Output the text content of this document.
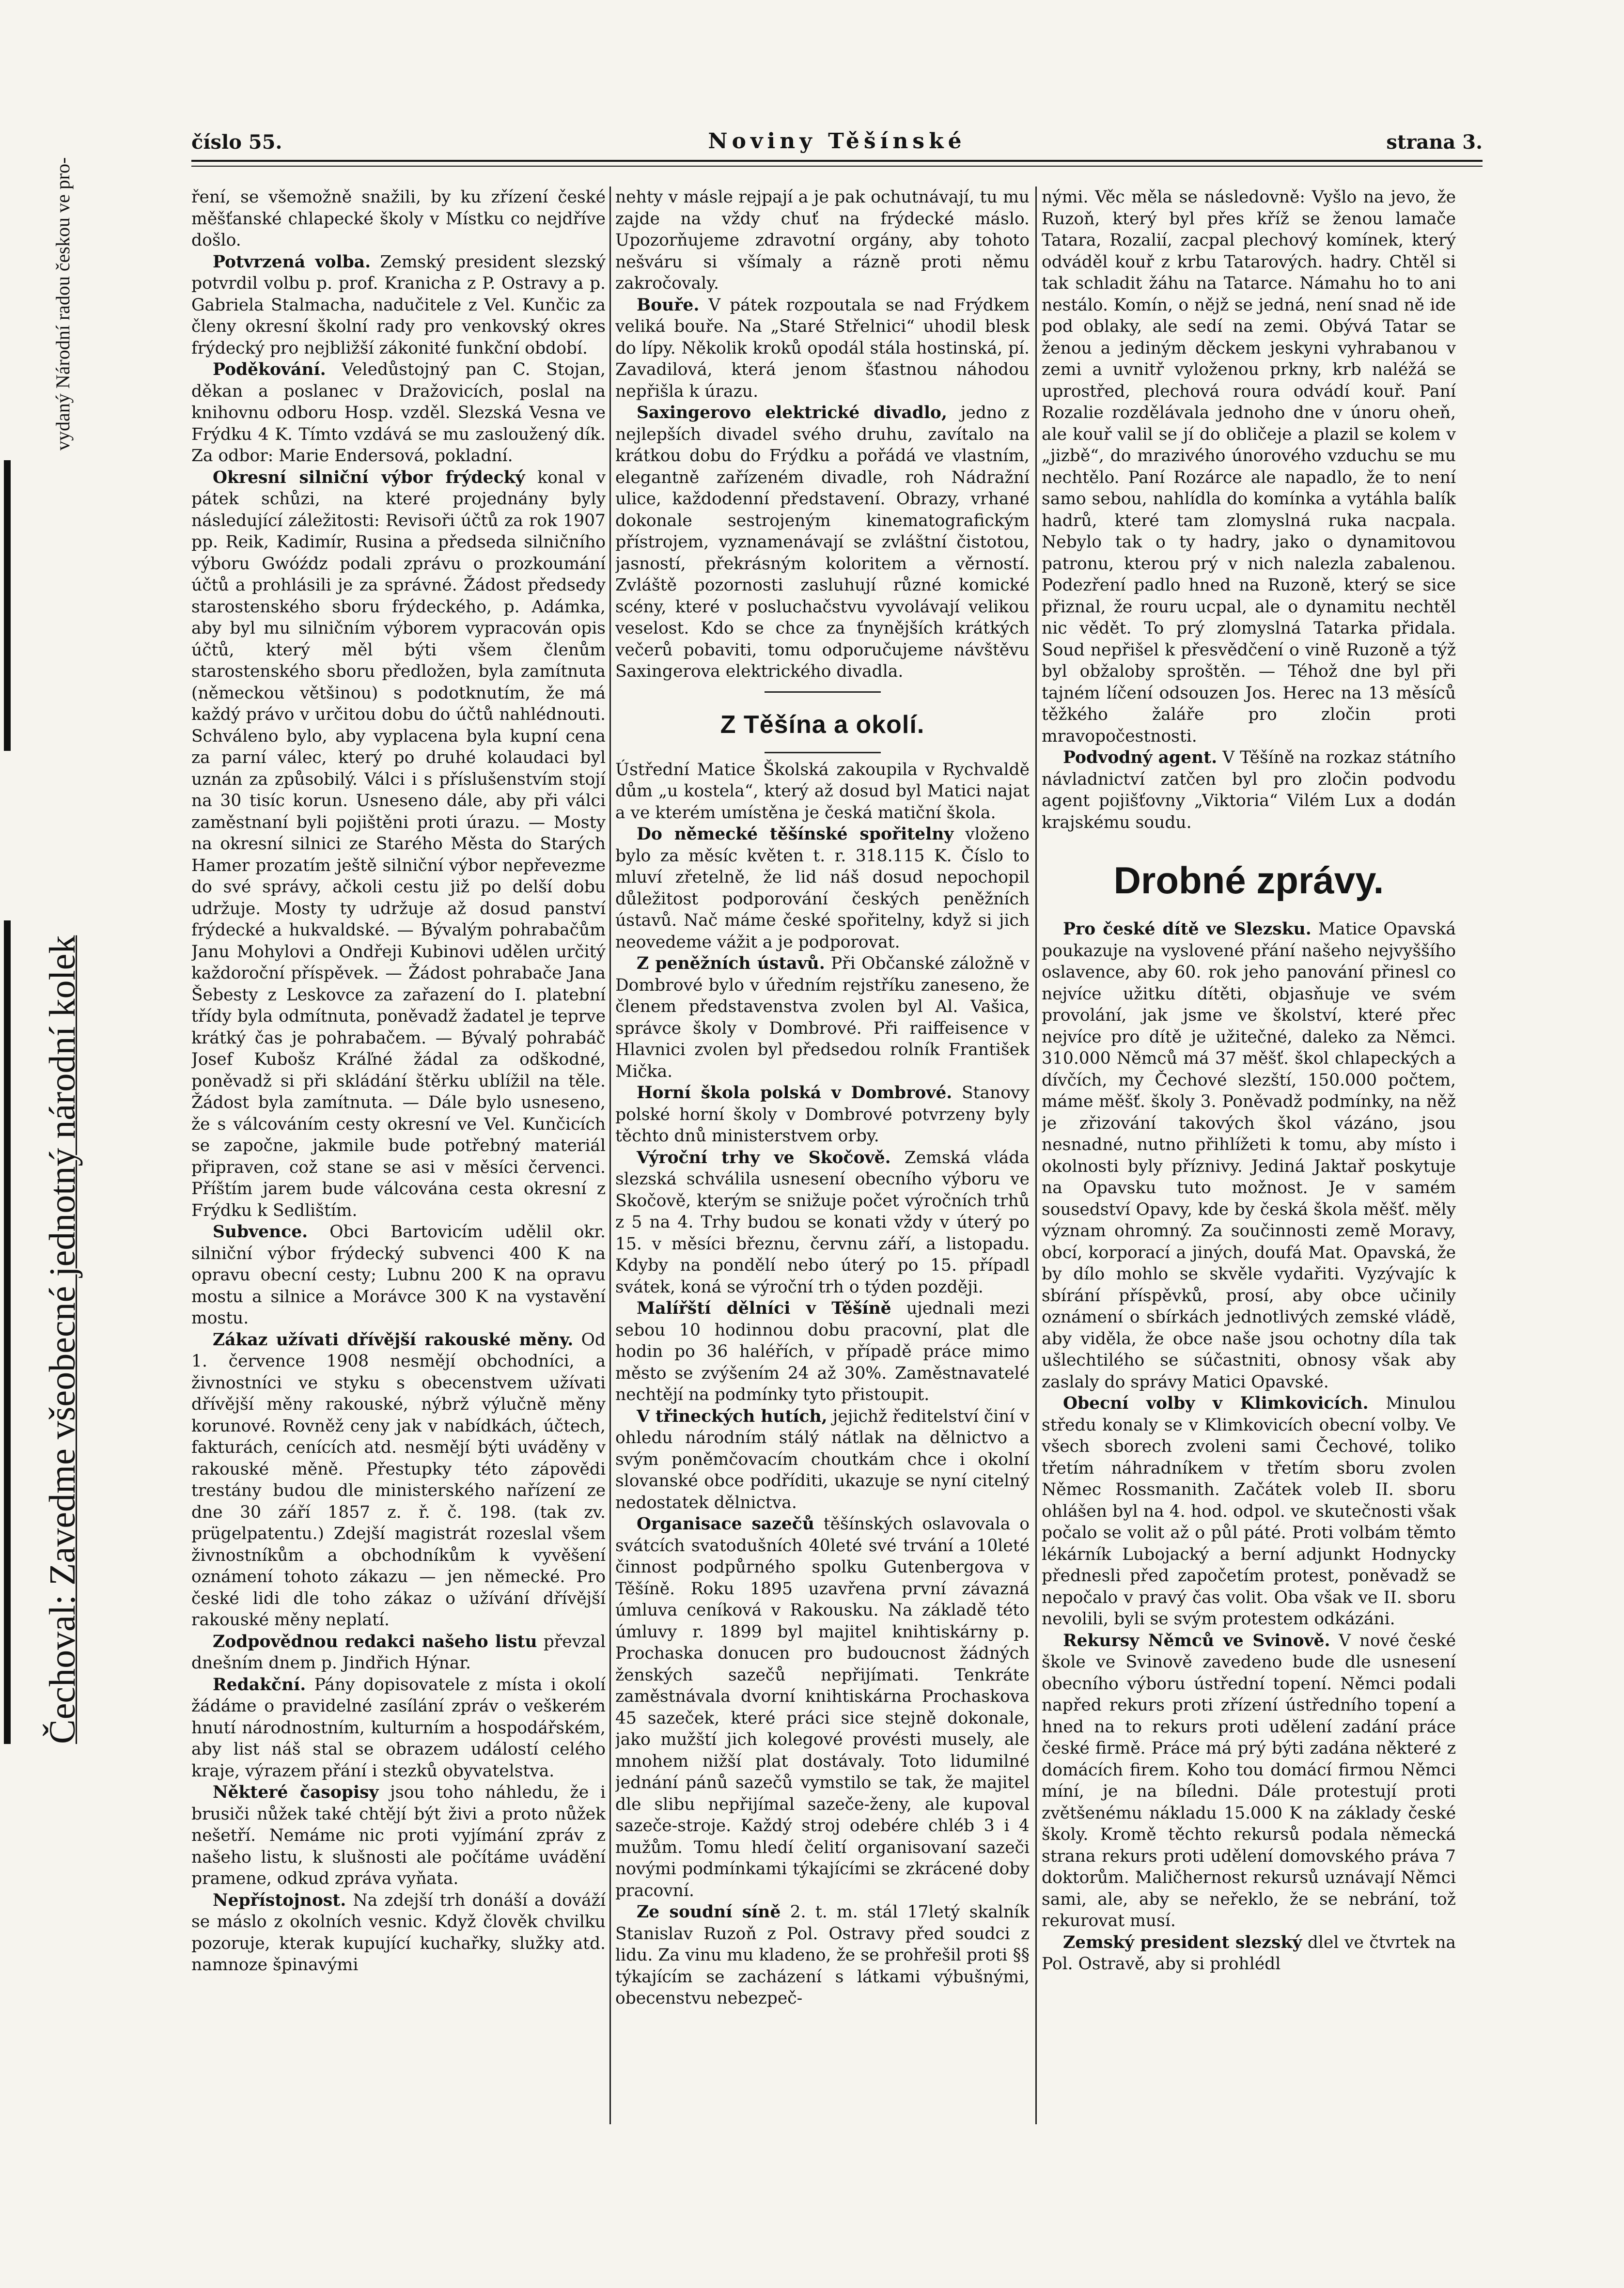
Čechoval: Zavedme všeobecné jednotný národní kolek
vydaný Národní radou českou ve pro-
číslo 55.	Noviny Těšínské	strana 3.

ření, se všemožně snažili, by ku zřízení české měšťanské chlapecké školy v Místku co nejdříve došlo.

Potvrzená volba. Zemský president slezský potvrdil volbu p. prof. Kranicha z P. Ostravy a p. Gabriela Stalmacha, nadučitele z Vel. Kunčic za členy okresní školní rady pro venkovský okres frýdecký pro nejbližší zákonité funkční období.

Poděkování. Veledůstojný pan C. Stojan, děkan a poslanec v Dražovicích, poslal na knihovnu odboru Hosp. vzděl. Slezská Vesna ve Frýdku 4 K. Tímto vzdává se mu zasloužený dík. Za odbor: Marie Endersová, pokladní.

Okresní silniční výbor frýdecký konal v pátek schůzi, na které projednány byly následující záležitosti: Revisoři účtů za rok 1907 pp. Reik, Kadimír, Rusina a předseda silničního výboru Gwóźdz podali zprávu o prozkoumání účtů a prohlásili je za správné. Žádost předsedy starostenského sboru frýdeckého, p. Adámka, aby byl mu silničním výborem vypracován opis účtů, který měl býti všem členům starostenského sboru předložen, byla zamítnuta (německou většinou) s podotknutím, že má každý právo v určitou dobu do účtů nahlédnouti. Schváleno bylo, aby vyplacena byla kupní cena za parní válec, který po druhé kolaudaci byl uznán za způsobilý. Válci i s příslušenstvím stojí na 30 tisíc korun. Usneseno dále, aby při válci zaměstnaní byli pojištěni proti úrazu. — Mosty na okresní silnici ze Starého Města do Starých Hamer prozatím ještě silniční výbor nepřevezme do své správy, ačkoli cestu již po delší dobu udržuje. Mosty ty udržuje až dosud panství frýdecké a hukvaldské. — Bývalým pohrabačům Janu Mohylovi a Ondřeji Kubinovi udělen určitý každoroční příspěvek. — Žádost pohrabače Jana Šebesty z Leskovce za zařazení do I. platební třídy byla odmítnuta, poněvadž žadatel je teprve krátký čas je pohrabačem. — Bývalý pohrabáč Josef Kubošz Kráľné žádal za odškodné, poněvadž si při skládání štěrku ublížil na těle. Žádost byla zamítnuta. — Dále bylo usneseno, že s válcováním cesty okresní ve Vel. Kunčicích se započne, jakmile bude potřebný materiál připraven, což stane se asi v měsíci červenci. Příštím jarem bude válcována cesta okresní z Frýdku k Sedlištím.

Subvence. Obci Bartovicím udělil okr. silniční výbor frýdecký subvenci 400 K na opravu obecní cesty; Lubnu 200 K na opravu mostu a silnice a Morávce 300 K na vystavění mostu.

Zákaz užívati dřívější rakouské měny. Od 1. července 1908 nesmějí obchodníci, a živnostníci ve styku s obecenstvem užívati dřívější měny rakouské, nýbrž výlučně měny korunové. Rovněž ceny jak v nabídkách, účtech, fakturách, cenících atd. nesmějí býti uváděny v rakouské měně. Přestupky této zápovědi trestány budou dle ministerského nařízení ze dne 30 září 1857 z. ř. č. 198. (tak zv. prügelpatentu.) Zdejší magistrát rozeslal všem živnostníkům a obchodníkům k vyvěšení oznámení tohoto zákazu — jen německé. Pro české lidi dle toho zákaz o užívání dřívější rakouské měny neplatí.

Zodpovědnou redakci našeho listu převzal dnešním dnem p. Jindřich Hýnar.

Redakční. Pány dopisovatele z místa i okolí žádáme o pravidelné zasílání zpráv o veškerém hnutí národnostním, kulturním a hospodářském, aby list náš stal se obrazem událostí celého kraje, výrazem přání i stezků obyvatelstva.

Některé časopisy jsou toho náhledu, že i brusiči nůžek také chtějí být živi a proto nůžek nešetří. Nemáme nic proti vyjímání zpráv z našeho listu, k slušnosti ale počítáme uvádění pramene, odkud zpráva vyňata.

Nepřístojnost. Na zdejší trh donáší a dováží se máslo z okolních vesnic. Když člověk chvilku pozoruje, kterak kupující kuchařky, služky atd. namnoze špinavými

nehty v másle rejpají a je pak ochutnávají, tu mu zajde na vždy chuť na frýdecké máslo. Upozorňujeme zdravotní orgány, aby tohoto nešváru si všímaly a rázně proti němu zakročovaly.

Bouře. V pátek rozpoutala se nad Frýdkem veliká bouře. Na „Staré Střelnici“ uhodil blesk do lípy. Několik kroků opodál stála hostinská, pí. Zavadilová, která jenom šťastnou náhodou nepřišla k úrazu.

Saxingerovo elektrické divadlo, jedno z nejlepších divadel svého druhu, zavítalo na krátkou dobu do Frýdku a pořádá ve vlastním, elegantně zařízeném divadle, roh Nádražní ulice, každodenní představení. Obrazy, vrhané dokonale sestrojeným kinematografickým přístrojem, vyznamenávají se zvláštní čistotou, jasností, překrásným koloritem a věrností. Zvláště pozornosti zasluhují různé komické scény, které v posluchačstvu vyvolávají velikou veselost. Kdo se chce za ťnynějších krátkých večerů pobaviti, tomu odporučujeme návštěvu Saxingerova elektrického divadla.

Z Těšína a okolí.

Ústřední Matice Školská zakoupila v Rychvaldě dům „u kostela“, který až dosud byl Matici najat a ve kterém umístěna je česká matiční škola.

Do německé těšínské spořitelny vloženo bylo za měsíc květen t. r. 318.115 K. Číslo to mluví zřetelně, že lid náš dosud nepochopil důležitost podporování českých peněžních ústavů. Nač máme české spořitelny, když si jich neovedeme vážit a je podporovat.

Z peněžních ústavů. Při Občanské záložně v Dombrové bylo v úředním rejstříku zaneseno, že členem představenstva zvolen byl Al. Vašica, správce školy v Dombrové. Při raiffeisence v Hlavnici zvolen byl předsedou rolník František Mička.

Horní škola polská v Dombrové. Stanovy polské horní školy v Dombrové potvrzeny byly těchto dnů ministerstvem orby.

Výroční trhy ve Skočově. Zemská vláda slezská schválila usnesení obecního výboru ve Skočově, kterým se snižuje počet výročních trhů z 5 na 4. Trhy budou se konati vždy v úterý po 15. v měsíci březnu, červnu září, a listopadu. Kdyby na pondělí nebo úterý po 15. případl svátek, koná se výroční trh o týden později.

Malířští dělníci v Těšíně ujednali mezi sebou 10 hodinnou dobu pracovní, plat dle hodin po 36 haléřích, v případě práce mimo město se zvýšením 24 až 30%. Zaměstnavatelé nechtějí na podmínky tyto přistoupit.

V třineckých hutích, jejichž ředitelství činí v ohledu národním stálý nátlak na dělnictvo a svým poněmčovacím choutkám chce i okolní slovanské obce podříditi, ukazuje se nyní citelný nedostatek dělnictva.

Organisace sazečů těšínských oslavovala o svátcích svatodušních 40leté své trvání a 10leté činnost podpůrného spolku Gutenbergova v Těšíně. Roku 1895 uzavřena první závazná úmluva ceníková v Rakousku. Na základě této úmluvy r. 1899 byl majitel knihtiskárny p. Prochaska donucen pro budoucnost žádných ženských sazečů nepřijímati. Tenkráte zaměstnávala dvorní knihtiskárna Prochaskova 45 sazeček, které práci sice stejně dokonale, jako mužští jich kolegové provésti musely, ale mnohem nižší plat dostávaly. Toto lidumilné jednání pánů sazečů vymstilo se tak, že majitel dle slibu nepřijímal sazeče-ženy, ale kupoval sazeče-stroje. Každý stroj odebére chléb 3 i 4 mužům. Tomu hledí čelití organisovaní sazeči novými podmínkami týkajícími se zkrácené doby pracovní.

Ze soudní síně 2. t. m. stál 17letý skalník Stanislav Ruzoň z Pol. Ostravy před soudci z lidu. Za vinu mu kladeno, že se prohřešil proti §§ týkajícím se zacházení s látkami výbušnými, obecenstvu nebezpeč-

nými. Věc měla se následovně: Vyšlo na jevo, že Ruzoň, který byl přes kříž se ženou lamače Tatara, Rozalií, zacpal plechový komínek, který odváděl kouř z krbu Tatarových. hadry. Chtěl si tak schladit žáhu na Tatarce. Námahu ho to ani nestálo. Komín, o nějž se jedná, není snad ně ide pod oblaky, ale sedí na zemi. Obývá Tatar se ženou a jediným děckem jeskyni vyhrabanou v zemi a uvnitř vyloženou prkny, krb naléžá se uprostřed, plechová roura odvádí kouř. Paní Rozalie rozdělávala jednoho dne v únoru oheň, ale kouř valil se jí do obličeje a plazil se kolem v „jizbě“, do mrazivého únorového vzduchu se mu nechtělo. Paní Rozárce ale napadlo, že to není samo sebou, nahlídla do komínka a vytáhla balík hadrů, které tam zlomyslná ruka nacpala. Nebylo tak o ty hadry, jako o dynamitovou patronu, kterou prý v nich nalezla zabalenou. Podezření padlo hned na Ruzoně, který se sice přiznal, že rouru ucpal, ale o dynamitu nechtěl nic vědět. To prý zlomyslná Tatarka přidala. Soud nepřišel k přesvědčení o vině Ruzoně a týž byl obžaloby sproštěn. — Téhož dne byl při tajném líčení odsouzen Jos. Herec na 13 měsíců těžkého žaláře pro zločin proti mravopočestnosti.

Podvodný agent. V Těšíně na rozkaz státního návladnictví zatčen byl pro zločin podvodu agent pojišťovny „Viktoria“ Vilém Lux a dodán krajskému soudu.

Drobné zprávy.

Pro české dítě ve Slezsku. Matice Opavská poukazuje na vyslovené přání našeho nejvyššího oslavence, aby 60. rok jeho panování přinesl co nejvíce užitku dítěti, objasňuje ve svém provolání, jak jsme ve školství, které přec nejvíce pro dítě je užitečné, daleko za Němci. 310.000 Němců má 37 měšť. škol chlapeckých a dívčích, my Čechové slezští, 150.000 počtem, máme měšť. školy 3. Poněvadž podmínky, na něž je zřizování takových škol vázáno, jsou nesnadné, nutno přihlížeti k tomu, aby místo i okolnosti byly příznivy. Jediná Jaktař poskytuje na Opavsku tuto možnost. Je v samém sousedství Opavy, kde by česká škola měšť. měly význam ohromný. Za součinnosti země Moravy, obcí, korporací a jiných, doufá Mat. Opavská, že by dílo mohlo se skvěle vydařiti. Vyzývajíc k sbírání příspěvků, prosí, aby obce učinily oznámení o sbírkách jednotlivých zemské vládě, aby viděla, že obce naše jsou ochotny díla tak ušlechtilého se súčastniti, obnosy však aby zaslaly do správy Matici Opavské.

Obecní volby v Klimkovicích. Minulou středu konaly se v Klimkovicích obecní volby. Ve všech sborech zvoleni sami Čechové, toliko třetím náhradníkem v třetím sboru zvolen Němec Rossmanith. Začátek voleb II. sboru ohlášen byl na 4. hod. odpol. ve skutečnosti však počalo se volit až o půl páté. Proti volbám těmto lékárník Lubojacký a berní adjunkt Hodnycky přednesli před započetím protest, poněvadž se nepočalo v pravý čas volit. Oba však ve II. sboru nevolili, byli se svým protestem odkázáni.

Rekursy Němců ve Svinově. V nové české škole ve Svinově zavedeno bude dle usnesení obecního výboru ústřední topení. Němci podali napřed rekurs proti zřízení ústředního topení a hned na to rekurs proti udělení zadání práce české firmě. Práce má prý býti zadána některé z domácích firem. Koho tou domácí firmou Němci míní, je na bíledni. Dále protestují proti zvětšenému nákladu 15.000 K na základy české školy. Kromě těchto rekursů podala německá strana rekurs proti udělení domovského práva 7 doktorům. Maličhernost rekursů uznávají Němci sami, ale, aby se neřeklo, že se nebrání, tož rekurovat musí.

Zemský president slezský dlel ve čtvrtek na Pol. Ostravě, aby si prohlédl
